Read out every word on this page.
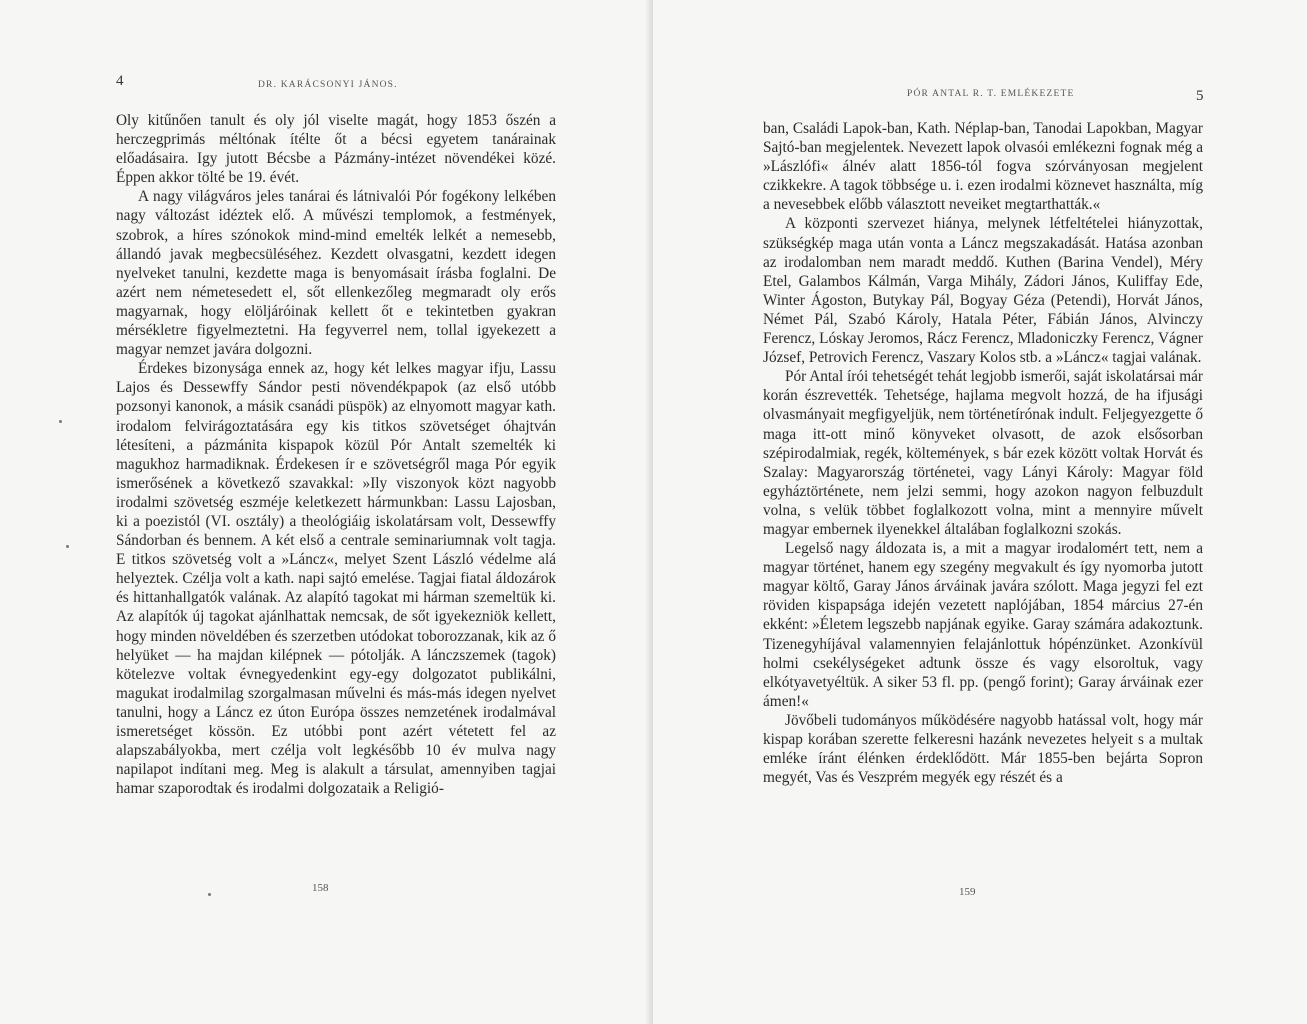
4	DR. KARÁCSONYI JÁNOS.

Oly kitűnően tanult és oly jól viselte magát, hogy 1853 őszén a herczegprimás méltónak ítélte őt a bécsi egyetem tanárainak előadásaira. Igy jutott Bécsbe a Pázmány-intézet növendékei közé. Éppen akkor tölté be 19. évét.

A nagy világváros jeles tanárai és látnivalói Pór fogékony lelkében nagy változást idéztek elő. A művészi templomok, a festmények, szobrok, a híres szónokok mind-mind emelték lelkét a nemesebb, állandó javak megbecsüléséhez. Kezdett olvasgatni, kezdett idegen nyelveket tanulni, kezdette maga is benyomásait írásba foglalni. De azért nem németesedett el, sőt ellenkezőleg megmaradt oly erős magyarnak, hogy elöljáróinak kellett őt e tekintetben gyakran mérsékletre figyelmeztetni. Ha fegyverrel nem, tollal igyekezett a magyar nemzet javára dolgozni.

Érdekes bizonysága ennek az, hogy két lelkes magyar ifju, Lassu Lajos és Dessewffy Sándor pesti növendékpapok (az első utóbb pozsonyi kanonok, a másik csanádi püspök) az elnyomott magyar kath. irodalom felvirágoztatására egy kis titkos szövetséget óhajtván létesíteni, a pázmánita kispapok közül Pór Antalt szemelték ki magukhoz harmadiknak. Érdekesen ír e szövetségről maga Pór egyik ismerősének a következő szavakkal: »Ily viszonyok közt nagyobb irodalmi szövetség eszméje keletkezett hármunkban: Lassu Lajosban, ki a poezistól (VI. osztály) a theológiáig iskolatársam volt, Dessewffy Sándorban és bennem. A két első a centrale seminariumnak volt tagja. E titkos szövetség volt a »Láncz«, melyet Szent László védelme alá helyeztek. Czélja volt a kath. napi sajtó emelése. Tagjai fiatal áldozárok és hittanhallgatók valának. Az alapító tagokat mi hárman szemeltük ki. Az alapítók új tagokat ajánlhattak nemcsak, de sőt igyekezniök kellett, hogy minden növeldében és szerzetben utódokat toborozzanak, kik az ő helyüket — ha majdan kilépnek — pótolják. A lánczszemek (tagok) kötelezve voltak évnegyedenkint egy-egy dolgozatot publikálni, magukat irodalmilag szorgalmasan művelni és más-más idegen nyelvet tanulni, hogy a Láncz ez úton Európa összes nemzetének irodalmával ismeretséget kössön. Ez utóbbi pont azért vétetett fel az alapszabályokba, mert czélja volt legkésőbb 10 év mulva nagy napilapot indítani meg. Meg is alakult a társulat, amennyiben tagjai hamar szaporodtak és irodalmi dolgozataik a Religió-

158
5
PÓR ANTAL R. T. EMLÉKEZETE

ban, Családi Lapok-ban, Kath. Néplap-ban, Tanodai Lapokban, Magyar Sajtó-ban megjelentek. Nevezett lapok olvasói emlékezni fognak még a »Lászlófi« álnév alatt 1856-tól fogva szórványosan megjelent czikkekre. A tagok többsége u. i. ezen irodalmi köznevet használta, míg a nevesebbek előbb választott neveiket megtarthatták.«

A központi szervezet hiánya, melynek létfeltételei hiányzottak, szükségkép maga után vonta a Láncz megszakadását. Hatása azonban az irodalomban nem maradt meddő. Kuthen (Barina Vendel), Méry Etel, Galambos Kálmán, Varga Mihály, Zádori János, Kuliffay Ede, Winter Ágoston, Butykay Pál, Bogyay Géza (Petendi), Horvát János, Német Pál, Szabó Károly, Hatala Péter, Fábián János, Alvinczy Ferencz, Lóskay Jeromos, Rácz Ferencz, Mladoniczky Ferencz, Vágner József, Petrovich Ferencz, Vaszary Kolos stb. a »Láncz« tagjai valának.

Pór Antal írói tehetségét tehát legjobb ismerői, saját iskolatársai már korán észrevették. Tehetsége, hajlama megvolt hozzá, de ha ifjusági olvasmányait megfigyeljük, nem történetírónak indult. Feljegyezgette ő maga itt-ott minő könyveket olvasott, de azok elsősorban szépirodalmiak, regék, költemények, s bár ezek között voltak Horvát és Szalay: Magyarország történetei, vagy Lányi Károly: Magyar föld egyháztörténete, nem jelzi semmi, hogy azokon nagyon felbuzdult volna, s velük többet foglalkozott volna, mint a mennyire művelt magyar embernek ilyenekkel általában foglalkozni szokás.

Legelső nagy áldozata is, a mit a magyar irodalomért tett, nem a magyar történet, hanem egy szegény megvakult és így nyomorba jutott magyar költő, Garay János árváinak javára szólott. Maga jegyzi fel ezt röviden kispapsága idején vezetett naplójában, 1854 március 27-én ekként: »Életem legszebb napjának egyike. Garay számára adakoztunk. Tizenegyhíjával valamennyien felajánlottuk hópénzünket. Azonkívül holmi csekélységeket adtunk össze és vagy elsoroltuk, vagy elkótyavetyéltük. A siker 53 fl. pp. (pengő forint); Garay árváinak ezer ámen!«

Jövőbeli tudományos működésére nagyobb hatással volt, hogy már kispap korában szerette felkeresni hazánk nevezetes helyeit s a multak emléke íránt élénken érdeklődött. Már 1855-ben bejárta Sopron megyét, Vas és Veszprém megyék egy részét és a

159
